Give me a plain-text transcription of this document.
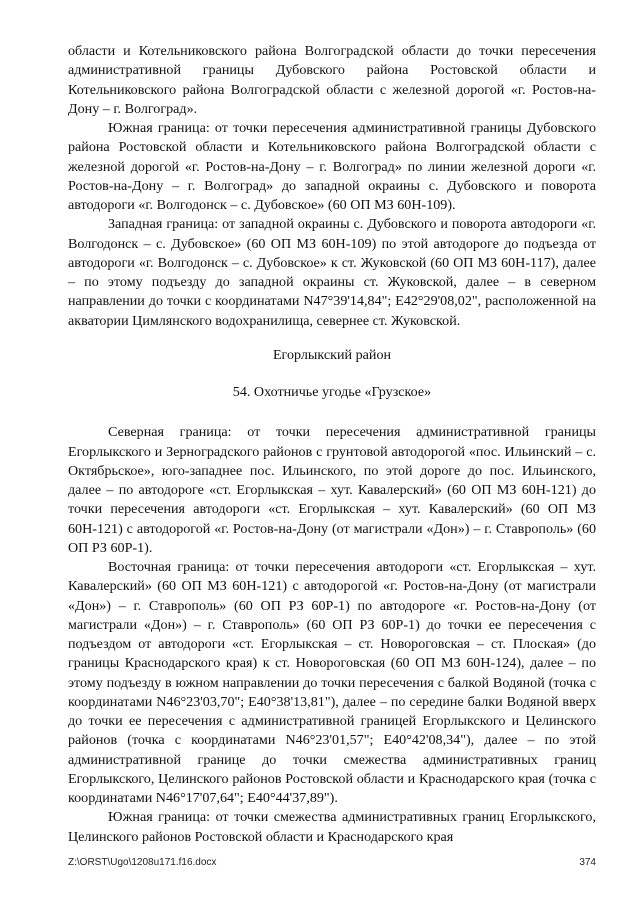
области и Котельниковского района Волгоградской области до точки пересечения административной границы Дубовского района Ростовской области и Котельниковского района Волгоградской области с железной дорогой «г. Ростов-на-Дону – г. Волгоград».

Южная граница: от точки пересечения административной границы Дубовского района Ростовской области и Котельниковского района Волгоградской области с железной дорогой «г. Ростов-на-Дону – г. Волгоград» по линии железной дороги «г. Ростов-на-Дону – г. Волгоград» до западной окраины с. Дубовского и поворота автодороги «г. Волгодонск – с. Дубовское» (60 ОП МЗ 60Н-109).

Западная граница: от западной окраины с. Дубовского и поворота автодороги «г. Волгодонск – с. Дубовское» (60 ОП МЗ 60Н-109) по этой автодороге до подъезда от автодороги «г. Волгодонск – с. Дубовское» к ст. Жуковской (60 ОП МЗ 60Н-117), далее – по этому подъезду до западной окраины ст. Жуковской, далее – в северном направлении до точки с координатами N47°39'14,84"; E42°29'08,02", расположенной на акватории Цимлянского водохранилища, севернее ст. Жуковской.

Егорлыкский район

54. Охотничье угодье «Грузское»

Северная граница: от точки пересечения административной границы Егорлыкского и Зерноградского районов с грунтовой автодорогой «пос. Ильинский – с. Октябрьское», юго-западнее пос. Ильинского, по этой дороге до пос. Ильинского, далее – по автодороге «ст. Егорлыкская – хут. Кавалерский» (60 ОП МЗ 60Н-121) до точки пересечения автодороги «ст. Егорлыкская – хут. Кавалерский» (60 ОП МЗ 60Н-121) с автодорогой «г. Ростов-на-Дону (от магистрали «Дон») – г. Ставрополь» (60 ОП РЗ 60Р-1).

Восточная граница: от точки пересечения автодороги «ст. Егорлыкская – хут. Кавалерский» (60 ОП МЗ 60Н-121) с автодорогой «г. Ростов-на-Дону (от магистрали «Дон») – г. Ставрополь» (60 ОП РЗ 60Р-1) по автодороге «г. Ростов-на-Дону (от магистрали «Дон») – г. Ставрополь» (60 ОП РЗ 60Р-1) до точки ее пересечения с подъездом от автодороги «ст. Егорлыкская – ст. Новороговская – ст. Плоская» (до границы Краснодарского края) к ст. Новороговская (60 ОП МЗ 60Н-124), далее – по этому подъезду в южном направлении до точки пересечения с балкой Водяной (точка с координатами N46°23'03,70"; E40°38'13,81"), далее – по середине балки Водяной вверх до точки ее пересечения с административной границей Егорлыкского и Целинского районов (точка с координатами N46°23'01,57"; E40°42'08,34"), далее – по этой административной границе до точки смежества административных границ Егорлыкского, Целинского районов Ростовской области и Краснодарского края (точка с координатами N46°17'07,64"; E40°44'37,89").

Южная граница: от точки смежества административных границ Егорлыкского, Целинского районов Ростовской области и Краснодарского края

Z:\ORST\Ugo\1208u171.f16.docx	374
